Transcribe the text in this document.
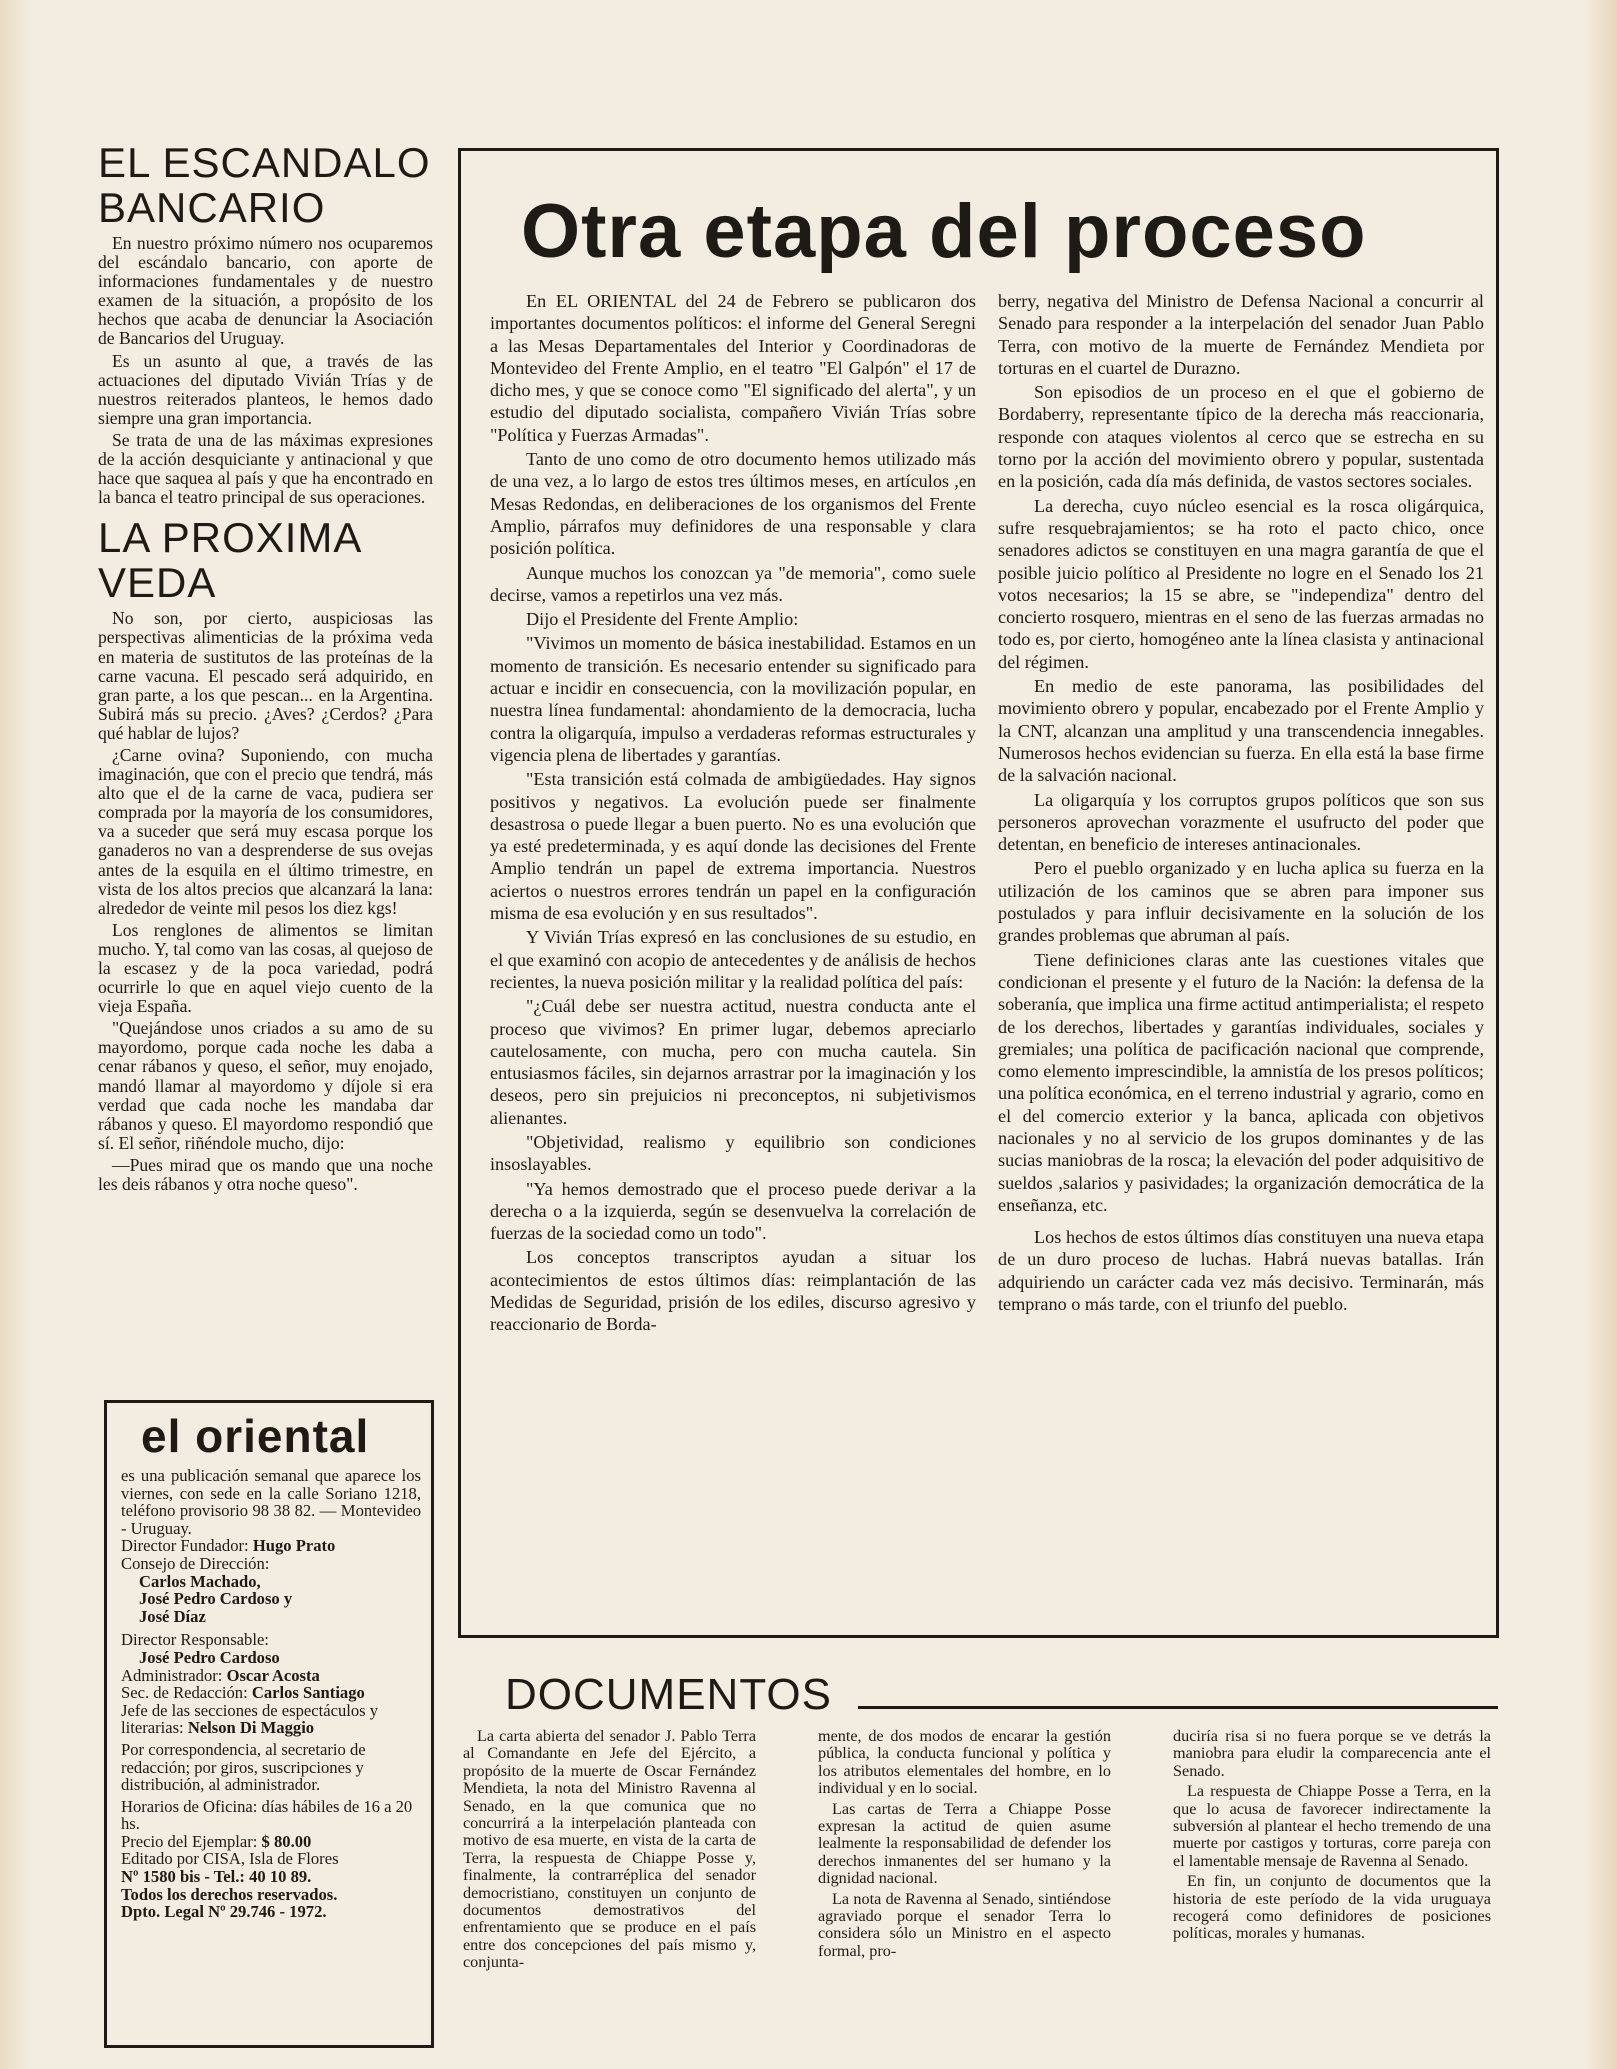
EL ESCANDALO
BANCARIO

En nuestro próximo número nos ocuparemos del escándalo bancario, con aporte de informaciones fundamentales y de nuestro examen de la situación, a propósito de los hechos que acaba de denunciar la Asociación de Bancarios del Uruguay.

Es un asunto al que, a través de las actuaciones del diputado Vivián Trías y de nuestros reiterados planteos, le hemos dado siempre una gran importancia.

Se trata de una de las máximas expresiones de la acción desquiciante y antinacional y que hace que saquea al país y que ha encontrado en la banca el teatro principal de sus operaciones.

LA PROXIMA
VEDA

No son, por cierto, auspiciosas las perspectivas alimenticias de la próxima veda en materia de sustitutos de las proteínas de la carne vacuna. El pescado será adquirido, en gran parte, a los que pescan... en la Argentina. Subirá más su precio. ¿Aves? ¿Cerdos? ¿Para qué hablar de lujos?

¿Carne ovina? Suponiendo, con mucha imaginación, que con el precio que tendrá, más alto que el de la carne de vaca, pudiera ser comprada por la mayoría de los consumidores, va a suceder que será muy escasa porque los ganaderos no van a desprenderse de sus ovejas antes de la esquila en el último trimestre, en vista de los altos precios que alcanzará la lana: alrededor de veinte mil pesos los diez kgs!

Los renglones de alimentos se limitan mucho. Y, tal como van las cosas, al quejoso de la escasez y de la poca variedad, podrá ocurrirle lo que en aquel viejo cuento de la vieja España.

"Quejándose unos criados a su amo de su mayordomo, porque cada noche les daba a cenar rábanos y queso, el señor, muy enojado, mandó llamar al mayordomo y díjole si era verdad que cada noche les mandaba dar rábanos y queso. El mayordomo respondió que sí. El señor, riñéndole mucho, dijo:

—Pues mirad que os mando que una noche les deis rábanos y otra noche queso".

el oriental

es una publicación semanal que aparece los viernes, con sede en la calle Soriano 1218, teléfono provisorio 98 38 82. — Montevideo - Uruguay.

Director Fundador: Hugo Prato

Consejo de Dirección:

Carlos Machado,

José Pedro Cardoso y

José Díaz

Director Responsable:

José Pedro Cardoso

Administrador: Oscar Acosta

Sec. de Redacción: Carlos Santiago

Jefe de las secciones de espectáculos y literarias: Nelson Di Maggio

Por correspondencia, al secretario de redacción; por giros, suscripciones y distribución, al administrador.

Horarios de Oficina: días hábiles de 16 a 20 hs.

Precio del Ejemplar: $ 80.00

Editado por CISA, Isla de Flores
Nº 1580 bis - Tel.: 40 10 89.

Todos los derechos reservados.

Dpto. Legal Nº 29.746 - 1972.

Otra etapa del proceso

En EL ORIENTAL del 24 de Febrero se publicaron dos importantes documentos políticos: el informe del General Seregni a las Mesas Departamentales del Interior y Coordinadoras de Montevideo del Frente Amplio, en el teatro "El Galpón" el 17 de dicho mes, y que se conoce como "El significado del alerta", y un estudio del diputado socialista, compañero Vivián Trías sobre "Política y Fuerzas Armadas".

Tanto de uno como de otro documento hemos utilizado más de una vez, a lo largo de estos tres últimos meses, en artículos ,en Mesas Redondas, en deliberaciones de los organismos del Frente Amplio, párrafos muy definidores de una responsable y clara posición política.

Aunque muchos los conozcan ya "de memoria", como suele decirse, vamos a repetirlos una vez más.

Dijo el Presidente del Frente Amplio:

"Vivimos un momento de básica inestabilidad. Estamos en un momento de transición. Es necesario entender su significado para actuar e incidir en consecuencia, con la movilización popular, en nuestra línea fundamental: ahondamiento de la democracia, lucha contra la oligarquía, impulso a verdaderas reformas estructurales y vigencia plena de libertades y garantías.

"Esta transición está colmada de ambigüedades. Hay signos positivos y negativos. La evolución puede ser finalmente desastrosa o puede llegar a buen puerto. No es una evolución que ya esté predeterminada, y es aquí donde las decisiones del Frente Amplio tendrán un papel de extrema importancia. Nuestros aciertos o nuestros errores tendrán un papel en la configuración misma de esa evolución y en sus resultados".

Y Vivián Trías expresó en las conclusiones de su estudio, en el que examinó con acopio de antecedentes y de análisis de hechos recientes, la nueva posición militar y la realidad política del país:

"¿Cuál debe ser nuestra actitud, nuestra conducta ante el proceso que vivimos? En primer lugar, debemos apreciarlo cautelosamente, con mucha, pero con mucha cautela. Sin entusiasmos fáciles, sin dejarnos arrastrar por la imaginación y los deseos, pero sin prejuicios ni preconceptos, ni subjetivismos alienantes.

"Objetividad, realismo y equilibrio son condiciones insoslayables.

"Ya hemos demostrado que el proceso puede derivar a la derecha o a la izquierda, según se desenvuelva la correlación de fuerzas de la sociedad como un todo".

Los conceptos transcriptos ayudan a situar los acontecimientos de estos últimos días: reimplantación de las Medidas de Seguridad, prisión de los ediles, discurso agresivo y reaccionario de Borda-

berry, negativa del Ministro de Defensa Nacional a concurrir al Senado para responder a la interpelación del senador Juan Pablo Terra, con motivo de la muerte de Fernández Mendieta por torturas en el cuartel de Durazno.

Son episodios de un proceso en el que el gobierno de Bordaberry, representante típico de la derecha más reaccionaria, responde con ataques violentos al cerco que se estrecha en su torno por la acción del movimiento obrero y popular, sustentada en la posición, cada día más definida, de vastos sectores sociales.

La derecha, cuyo núcleo esencial es la rosca oligárquica, sufre resquebrajamientos; se ha roto el pacto chico, once senadores adictos se constituyen en una magra garantía de que el posible juicio político al Presidente no logre en el Senado los 21 votos necesarios; la 15 se abre, se "independiza" dentro del concierto rosquero, mientras en el seno de las fuerzas armadas no todo es, por cierto, homogéneo ante la línea clasista y antinacional del régimen.

En medio de este panorama, las posibilidades del movimiento obrero y popular, encabezado por el Frente Amplio y la CNT, alcanzan una amplitud y una transcendencia innegables. Numerosos hechos evidencian su fuerza. En ella está la base firme de la salvación nacional.

La oligarquía y los corruptos grupos políticos que son sus personeros aprovechan vorazmente el usufructo del poder que detentan, en beneficio de intereses antinacionales.

Pero el pueblo organizado y en lucha aplica su fuerza en la utilización de los caminos que se abren para imponer sus postulados y para influir decisivamente en la solución de los grandes problemas que abruman al país.

Tiene definiciones claras ante las cuestiones vitales que condicionan el presente y el futuro de la Nación: la defensa de la soberanía, que implica una firme actitud antimperialista; el respeto de los derechos, libertades y garantías individuales, sociales y gremiales; una política de pacificación nacional que comprende, como elemento imprescindible, la amnistía de los presos políticos; una política económica, en el terreno industrial y agrario, como en el del comercio exterior y la banca, aplicada con objetivos nacionales y no al servicio de los grupos dominantes y de las sucias maniobras de la rosca; la elevación del poder adquisitivo de sueldos ,salarios y pasividades; la organización democrática de la enseñanza, etc.

Los hechos de estos últimos días constituyen una nueva etapa de un duro proceso de luchas. Habrá nuevas batallas. Irán adquiriendo un carácter cada vez más decisivo. Terminarán, más temprano o más tarde, con el triunfo del pueblo.

DOCUMENTOS

La carta abierta del senador J. Pablo Terra al Comandante en Jefe del Ejército, a propósito de la muerte de Oscar Fernández Mendieta, la nota del Ministro Ravenna al Senado, en la que comunica que no concurrirá a la interpelación planteada con motivo de esa muerte, en vista de la carta de Terra, la respuesta de Chiappe Posse y, finalmente, la contrarréplica del senador democristiano, constituyen un conjunto de documentos demostrativos del enfrentamiento que se produce en el país entre dos concepciones del país mismo y, conjunta-

mente, de dos modos de encarar la gestión pública, la conducta funcional y política y los atributos elementales del hombre, en lo individual y en lo social.

Las cartas de Terra a Chiappe Posse expresan la actitud de quien asume lealmente la responsabilidad de defender los derechos inmanentes del ser humano y la dignidad nacional.

La nota de Ravenna al Senado, sintiéndose agraviado porque el senador Terra lo considera sólo un Ministro en el aspecto formal, pro-

duciría risa si no fuera porque se ve detrás la maniobra para eludir la comparecencia ante el Senado.

La respuesta de Chiappe Posse a Terra, en la que lo acusa de favorecer indirectamente la subversión al plantear el hecho tremendo de una muerte por castigos y torturas, corre pareja con el lamentable mensaje de Ravenna al Senado.

En fin, un conjunto de documentos que la historia de este período de la vida uruguaya recogerá como definidores de posiciones políticas, morales y humanas.
